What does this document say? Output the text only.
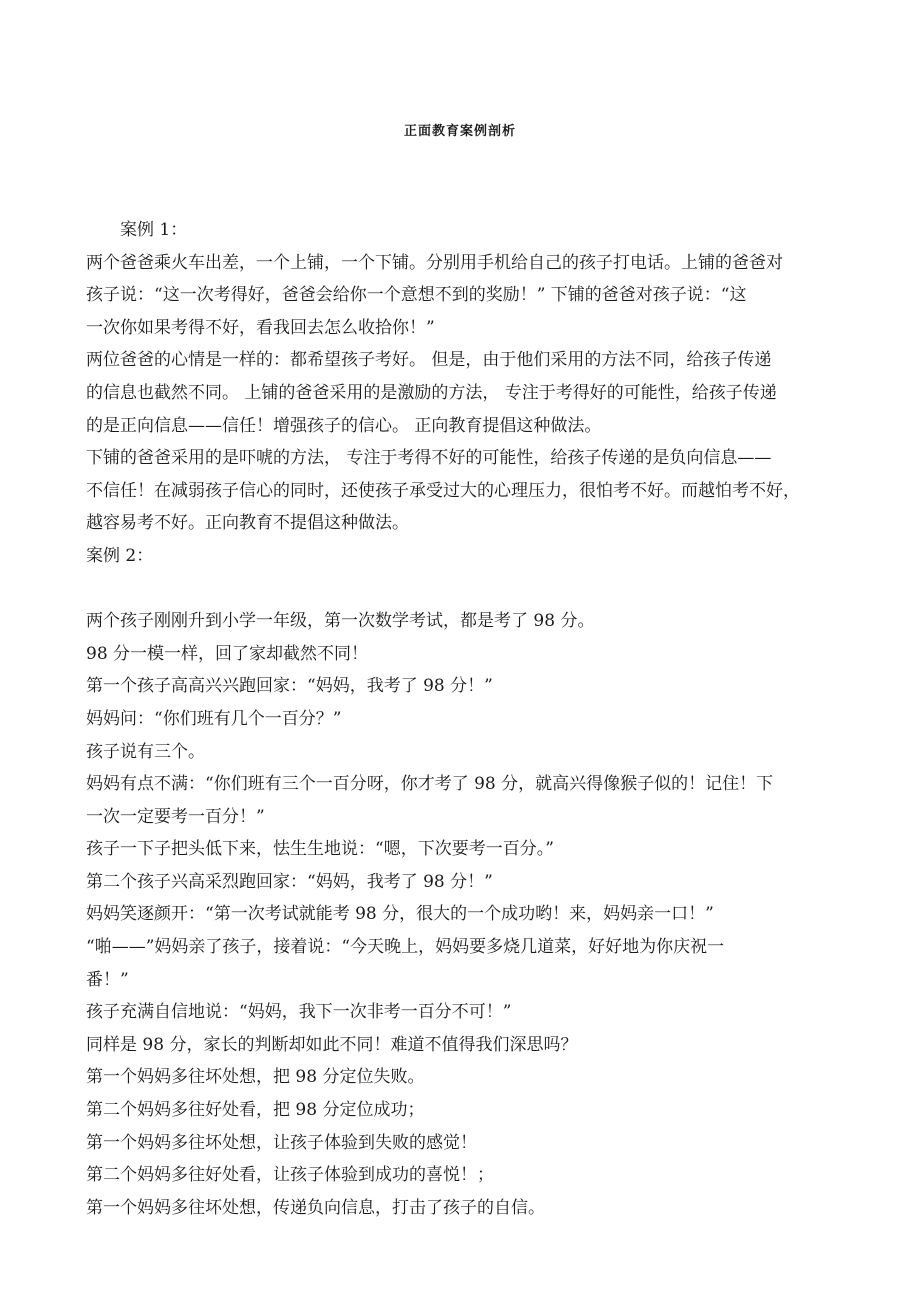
正面教育案例剖析
案例 1：
两个爸爸乘火车出差，一个上铺，一个下铺。分别用手机给自己的孩子打电话。上铺的爸爸对
孩子说：“这一次考得好，爸爸会给你一个意想不到的奖励！” 下铺的爸爸对孩子说：“这
一次你如果考得不好，看我回去怎么收拾你！”
两位爸爸的心情是一样的：都希望孩子考好。 但是，由于他们采用的方法不同，给孩子传递
的信息也截然不同。 上铺的爸爸采用的是激励的方法， 专注于考得好的可能性，给孩子传递
的是正向信息——信任！增强孩子的信心。 正向教育提倡这种做法。
下铺的爸爸采用的是吓唬的方法， 专注于考得不好的可能性，给孩子传递的是负向信息——
不信任！在减弱孩子信心的同时，还使孩子承受过大的心理压力，很怕考不好。而越怕考不好，
越容易考不好。正向教育不提倡这种做法。
案例 2：
两个孩子刚刚升到小学一年级，第一次数学考试，都是考了 98 分。
98 分一模一样，回了家却截然不同！
第一个孩子高高兴兴跑回家：“妈妈，我考了 98 分！”
妈妈问：“你们班有几个一百分？”
孩子说有三个。
妈妈有点不满：“你们班有三个一百分呀，你才考了 98 分，就高兴得像猴子似的！记住！下
一次一定要考一百分！”
孩子一下子把头低下来，怯生生地说：“嗯，下次要考一百分。”
第二个孩子兴高采烈跑回家：“妈妈，我考了 98 分！”
妈妈笑逐颜开：“第一次考试就能考 98 分，很大的一个成功哟！来，妈妈亲一口！”
“啪——”妈妈亲了孩子，接着说：“今天晚上，妈妈要多烧几道菜，好好地为你庆祝一
番！”
孩子充满自信地说：“妈妈，我下一次非考一百分不可！”
同样是 98 分，家长的判断却如此不同！难道不值得我们深思吗？
第一个妈妈多往坏处想，把 98 分定位失败。
第二个妈妈多往好处看，把 98 分定位成功；
第一个妈妈多往坏处想，让孩子体验到失败的感觉！
第二个妈妈多往好处看，让孩子体验到成功的喜悦！；
第一个妈妈多往坏处想，传递负向信息，打击了孩子的自信。
